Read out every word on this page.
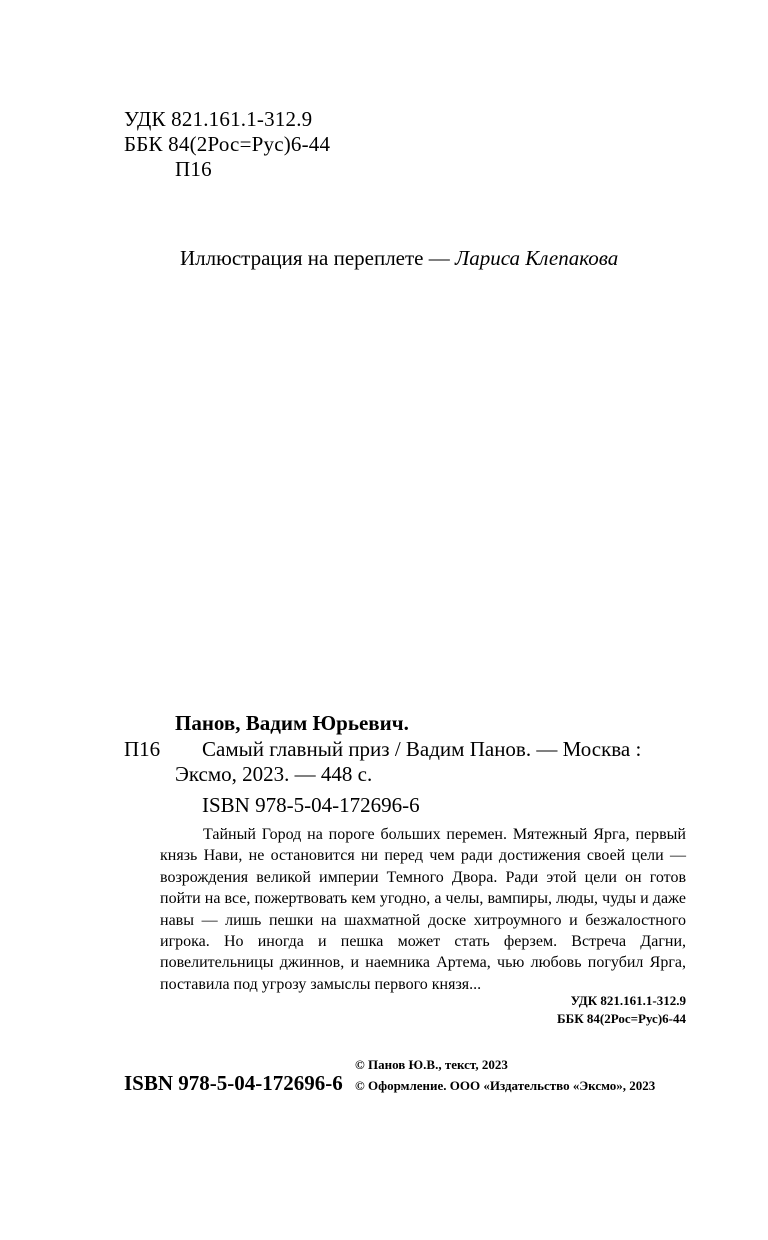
УДК 821.161.1-312.9
ББК 84(2Рос=Рус)6-44
П16
Иллюстрация на переплете — Лариса Клепакова
Панов, Вадим Юрьевич.
П16 Самый главный приз / Вадим Панов. — Москва :
Эксмо, 2023. — 448 с.
ISBN 978-5-04-172696-6
Тайный Город на пороге больших перемен. Мятежный Ярга, первый князь Нави, не остановится ни перед чем ради достижения своей цели — возрождения великой империи Темного Двора. Ради этой цели он готов пойти на все, пожертвовать кем угодно, а челы, вампиры, люды, чуды и даже навы — лишь пешки на шахматной доске хитроумного и безжалостного игрока. Но иногда и пешка может стать ферзем. Встреча Дагни, повелительницы джиннов, и наемника Артема, чью любовь погубил Ярга, поставила под угрозу замыслы первого князя...
УДК 821.161.1-312.9
ББК 84(2Рос=Рус)6-44
ISBN 978-5-04-172696-6
© Панов Ю.В., текст, 2023
© Оформление. ООО «Издательство «Эксмо», 2023
